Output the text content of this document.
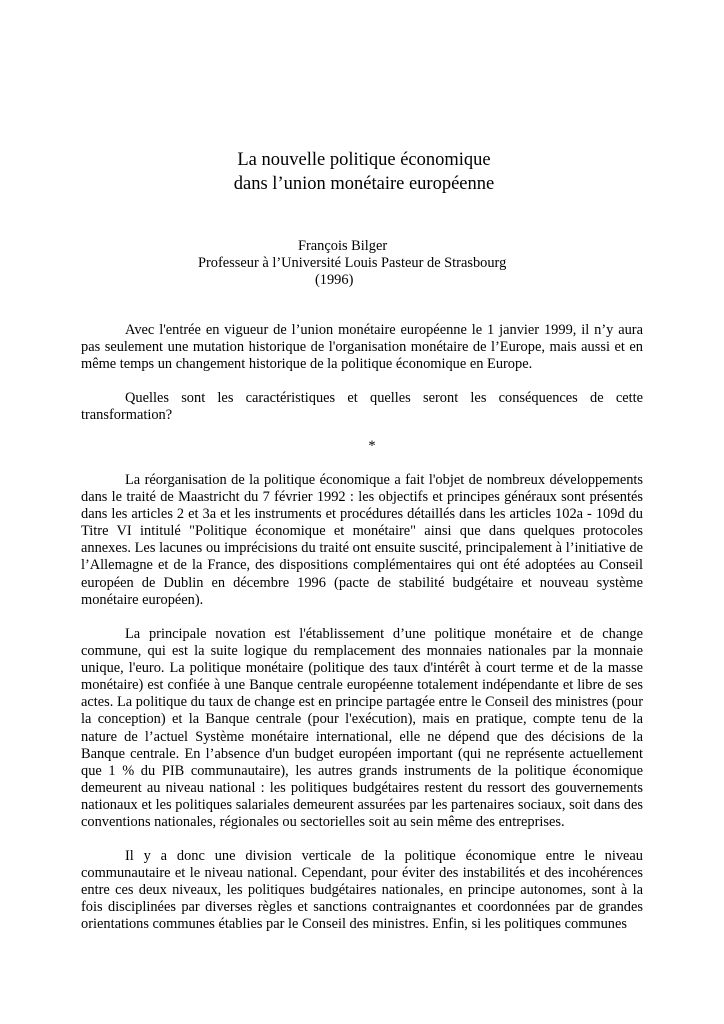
La nouvelle politique économique
dans l’union monétaire européenne
François Bilger
Professeur à l’Université Louis Pasteur de Strasbourg
(1996)

Avec l'entrée en vigueur de l’union monétaire européenne le 1 janvier 1999, il n’y aura pas seulement une mutation historique de l'organisation monétaire de l’Europe, mais aussi et en même temps un changement historique de la politique économique en Europe.

Quelles sont les caractéristiques et quelles seront les conséquences de cette transformation?

*

La réorganisation de la politique économique a fait l'objet de nombreux développements dans le traité de Maastricht du 7 février 1992 : les objectifs et principes généraux sont présentés dans les articles 2 et 3a et les instruments et procédures détaillés dans les articles 102a - 109d du Titre VI intitulé "Politique économique et monétaire" ainsi que dans quelques protocoles annexes. Les lacunes ou imprécisions du traité ont ensuite suscité, principalement à l’initiative de l’Allemagne et de la France, des dispositions complémentaires qui ont été adoptées au Conseil européen de Dublin en décembre 1996 (pacte de stabilité budgétaire et nouveau système monétaire européen).

La principale novation est l'établissement d’une politique monétaire et de change commune, qui est la suite logique du remplacement des monnaies nationales par la monnaie unique, l'euro. La politique monétaire (politique des taux d'intérêt à court terme et de la masse monétaire) est confiée à une Banque centrale européenne totalement indépendante et libre de ses actes. La politique du taux de change est en principe partagée entre le Conseil des ministres (pour la conception) et la Banque centrale (pour l'exécution), mais en pratique, compte tenu de la nature de l’actuel Système monétaire international, elle ne dépend que des décisions de la Banque centrale. En l’absence d'un budget européen important (qui ne représente actuellement que 1 % du PIB communautaire), les autres grands instruments de la politique économique demeurent au niveau national : les politiques budgétaires restent du ressort des gouvernements nationaux et les politiques salariales demeurent assurées par les partenaires sociaux, soit dans des conventions nationales, régionales ou sectorielles soit au sein même des entreprises.

Il y a donc une division verticale de la politique économique entre le niveau communautaire et le niveau national. Cependant, pour éviter des instabilités et des incohérences entre ces deux niveaux, les politiques budgétaires nationales, en principe autonomes, sont à la fois disciplinées par diverses règles et sanctions contraignantes et coordonnées par de grandes orientations communes établies par le Conseil des ministres. Enfin, si les politiques communes
